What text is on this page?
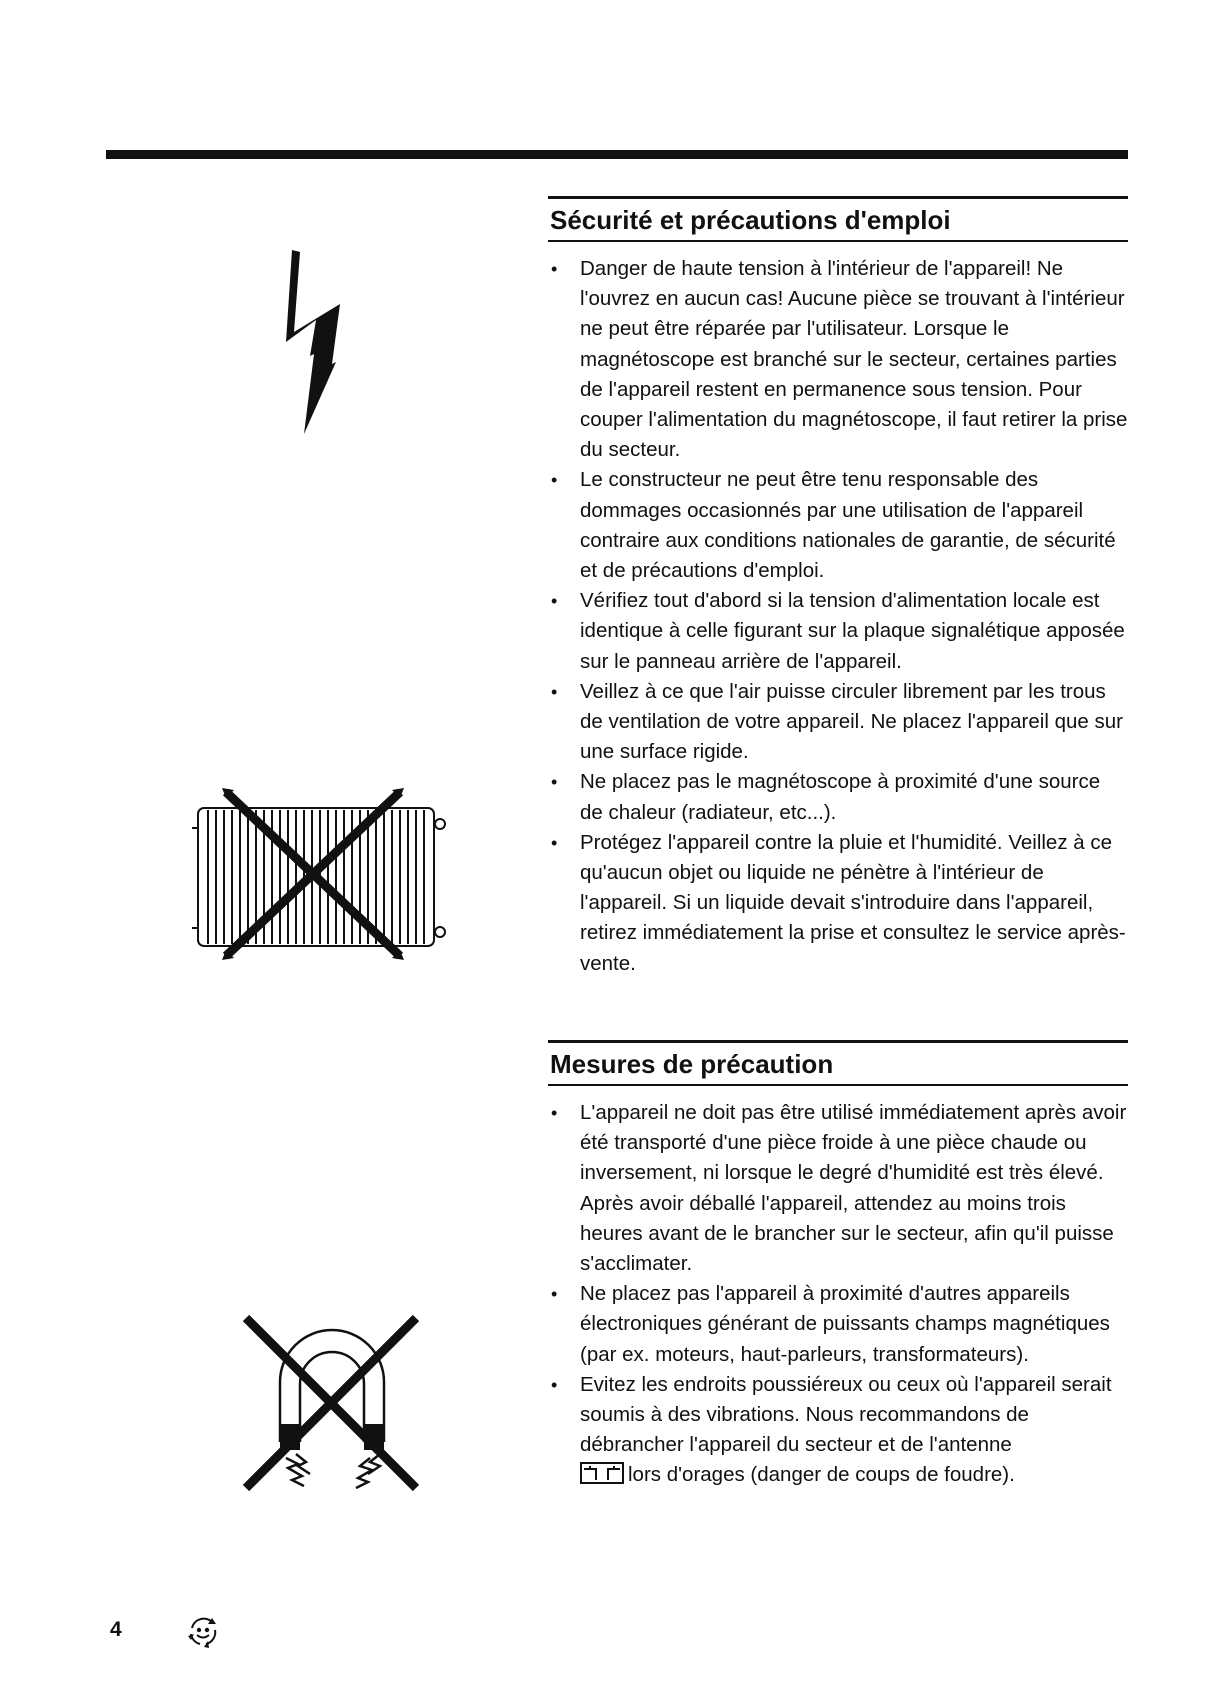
Sécurité et précautions d'emploi
• Danger de haute tension à l'intérieur de l'appareil! Ne l'ouvrez en aucun cas! Aucune pièce se trouvant à l'intérieur ne peut être réparée par l'utilisateur. Lorsque le magnétoscope est branché sur le secteur, certaines parties de l'appareil restent en permanence sous tension. Pour couper l'alimentation du magnétoscope, il faut retirer la prise du secteur.
• Le constructeur ne peut être tenu responsable des dommages occasionnés par une utilisation de l'appareil contraire aux conditions nationales de garantie, de sécurité et de précautions d'emploi.
• Vérifiez tout d'abord si la tension d'alimentation locale est identique à celle figurant sur la plaque signalétique apposée sur le panneau arrière de l'appareil.
• Veillez à ce que l'air puisse circuler librement par les trous de ventilation de votre appareil. Ne placez l'appareil que sur une surface rigide.
• Ne placez pas le magnétoscope à proximité d'une source de chaleur (radiateur, etc...).
• Protégez l'appareil contre la pluie et l'humidité. Veillez à ce qu'aucun objet ou liquide ne pénètre à l'intérieur de l'appareil. Si un liquide devait s'introduire dans l'appareil, retirez immédiatement la prise et consultez le service après-vente.
Mesures de précaution
• L'appareil ne doit pas être utilisé immédiatement après avoir été transporté d'une pièce froide à une pièce chaude ou inversement, ni lorsque le degré d'humidité est très élevé.
Après avoir déballé l'appareil, attendez au moins trois heures avant de le brancher sur le secteur, afin qu'il puisse s'acclimater.
• Ne placez pas l'appareil à proximité d'autres appareils électroniques générant de puissants champs magnétiques (par ex. moteurs, haut-parleurs, transformateurs).
• Evitez les endroits poussiéreux ou ceux où l'appareil serait soumis à des vibrations. Nous recommandons de débrancher l'appareil du secteur et de l'antenne
lors d'orages (danger de coups de foudre).
4
